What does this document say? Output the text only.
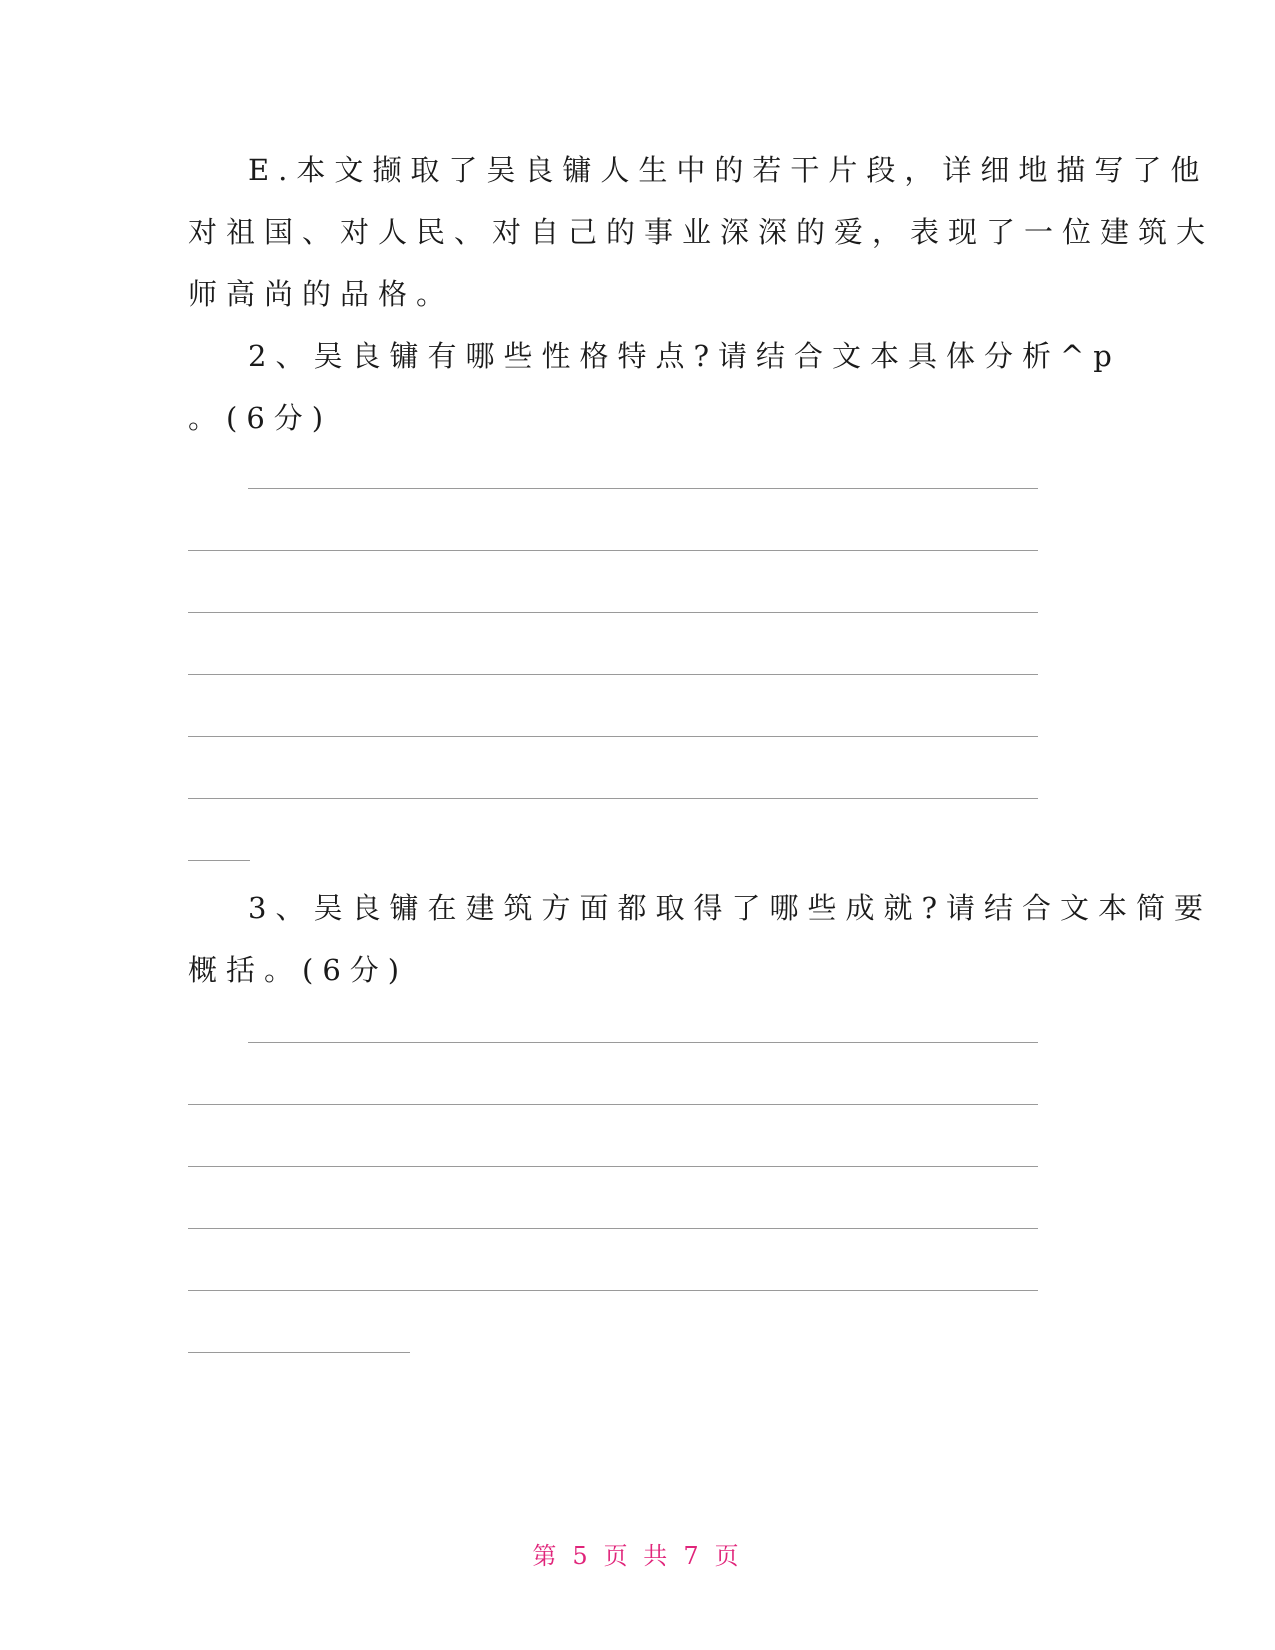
E.本文撷取了吴良镛人生中的若干片段，详细地描写了他
对祖国、对人民、对自己的事业深深的爱，表现了一位建筑大
师高尚的品格。
2、吴良镛有哪些性格特点?请结合文本具体分析^p
。(6分)
3、吴良镛在建筑方面都取得了哪些成就?请结合文本简要
概括。(6分)
第 5 页 共 7 页
